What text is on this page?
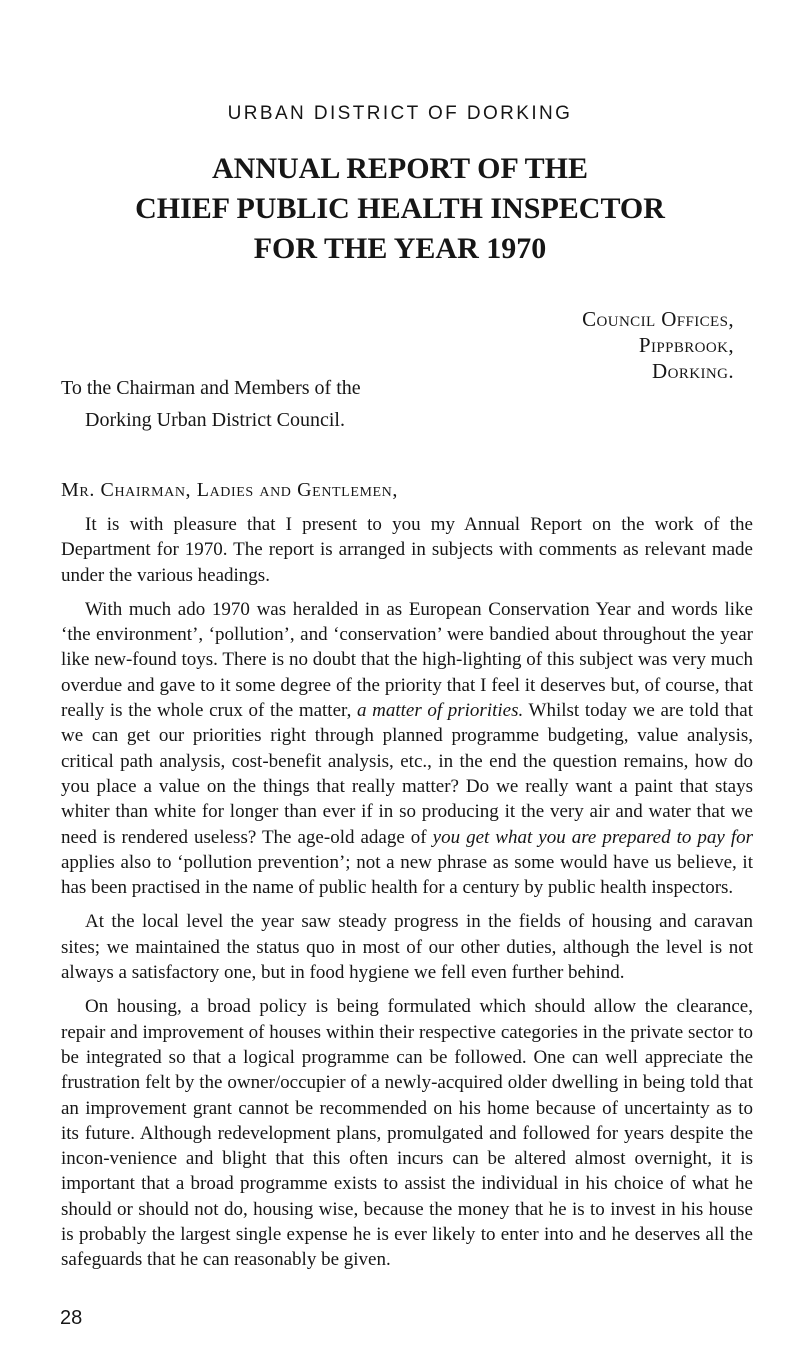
URBAN DISTRICT OF DORKING
ANNUAL REPORT OF THE
CHIEF PUBLIC HEALTH INSPECTOR
FOR THE YEAR 1970
Council Offices,
Pippbrook,
Dorking.
To the Chairman and Members of the
Dorking Urban District Council.
Mr. Chairman, Ladies and Gentlemen,

It is with pleasure that I present to you my Annual Report on the work of the Department for 1970. The report is arranged in subjects with comments as relevant made under the various headings.

With much ado 1970 was heralded in as European Conservation Year and words like ‘the environment’, ‘pollution’, and ‘conservation’ were bandied about throughout the year like new-found toys. There is no doubt that the high-lighting of this subject was very much overdue and gave to it some degree of the priority that I feel it deserves but, of course, that really is the whole crux of the matter, a matter of priorities. Whilst today we are told that we can get our priorities right through planned programme budgeting, value analysis, critical path analysis, cost-benefit analysis, etc., in the end the question remains, how do you place a value on the things that really matter? Do we really want a paint that stays whiter than white for longer than ever if in so producing it the very air and water that we need is rendered useless? The age-old adage of you get what you are prepared to pay for applies also to ‘pollution prevention’; not a new phrase as some would have us believe, it has been practised in the name of public health for a century by public health inspectors.

At the local level the year saw steady progress in the fields of housing and caravan sites; we maintained the status quo in most of our other duties, although the level is not always a satisfactory one, but in food hygiene we fell even further behind.

On housing, a broad policy is being formulated which should allow the clearance, repair and improvement of houses within their respective categories in the private sector to be integrated so that a logical programme can be followed. One can well appreciate the frustration felt by the owner/occupier of a newly-acquired older dwelling in being told that an improvement grant cannot be recommended on his home because of uncertainty as to its future. Although redevelopment plans, promulgated and followed for years despite the incon-venience and blight that this often incurs can be altered almost overnight, it is important that a broad programme exists to assist the individual in his choice of what he should or should not do, housing wise, because the money that he is to invest in his house is probably the largest single expense he is ever likely to enter into and he deserves all the safeguards that he can reasonably be given.

28
